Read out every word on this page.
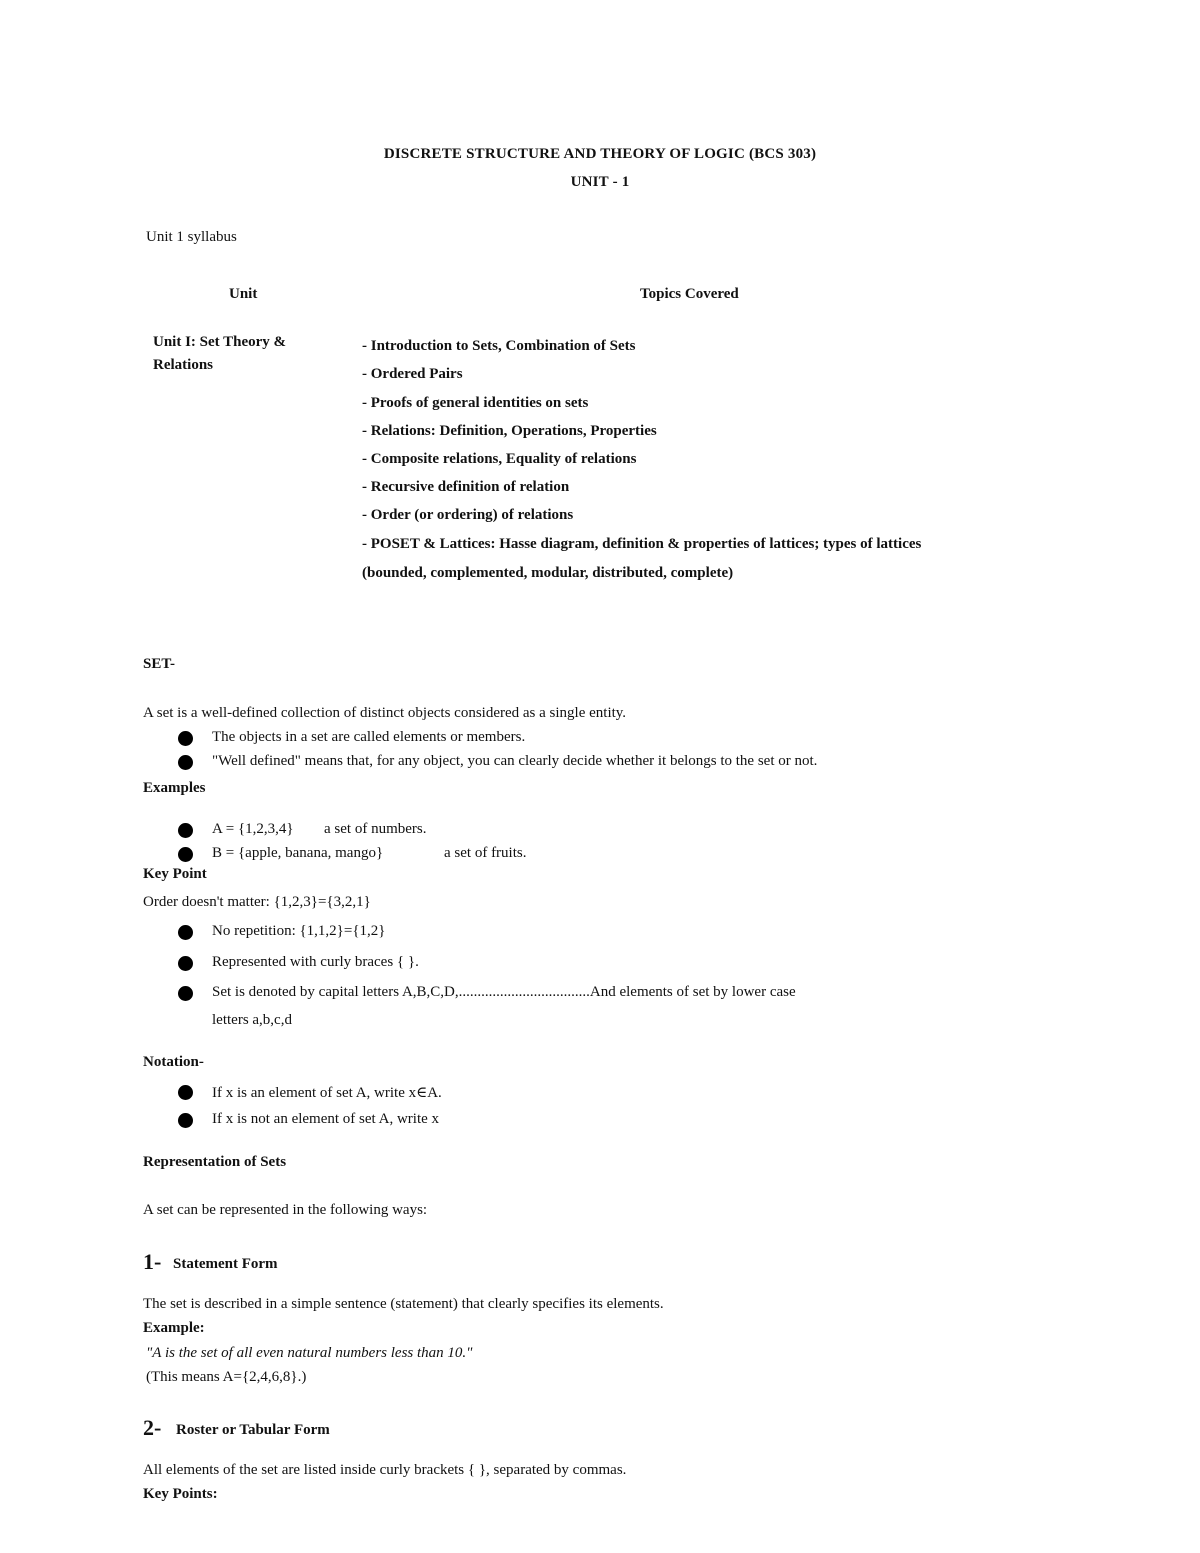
DISCRETE STRUCTURE AND THEORY OF LOGIC (BCS 303)
UNIT - 1
Unit 1 syllabus
Unit	Topics Covered
Unit I: Set Theory &
Relations
- Introduction to Sets, Combination of Sets
- Ordered Pairs
- Proofs of general identities on sets
- Relations: Definition, Operations, Properties
- Composite relations, Equality of relations
- Recursive definition of relation
- Order (or ordering) of relations
- POSET & Lattices: Hasse diagram, definition & properties of lattices; types of lattices
(bounded, complemented, modular, distributed, complete)
SET-
A set is a well-defined collection of distinct objects considered as a single entity.
The objects in a set are called elements or members.
"Well defined" means that, for any object, you can clearly decide whether it belongs to the set or not.
Examples
A = {1,2,3,4} a set of numbers.
B = {apple, banana, mango}	a set of fruits.
Key Point
Order doesn't matter: {1,2,3}={3,2,1}
No repetition: {1,1,2}={1,2}
Represented with curly braces { }.
Set is denoted by capital letters A,B,C,D,...................................And elements of set by lower case
letters a,b,c,d
Notation-
If x is an element of set A, write x∈A.
If x is not an element of set A, write x
Representation of Sets
A set can be represented in the following ways:
1- Statement Form
The set is described in a simple sentence (statement) that clearly specifies its elements.
Example:
"A is the set of all even natural numbers less than 10."
(This means A={2,4,6,8}.)
2- Roster or Tabular Form
All elements of the set are listed inside curly brackets { }, separated by commas.
Key Points:
